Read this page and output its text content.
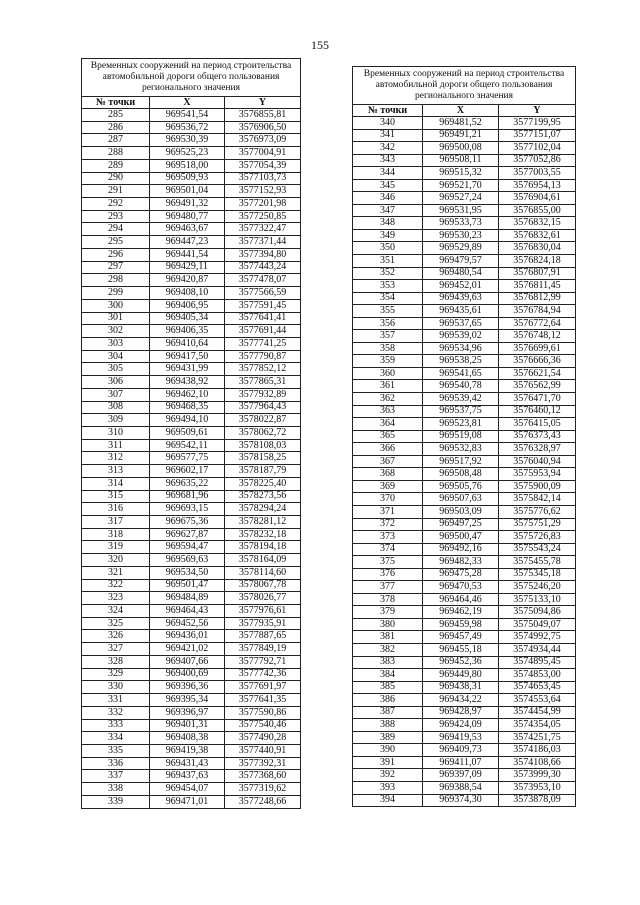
155
Временных сооружений на период строительства автомобильной дороги общего пользования регионального значения		
№ точки	X	Y
285	969541,54	3576855,81
286	969536,72	3576906,50
287	969530,39	3576973,09
288	969525,23	3577004,91
289	969518,00	3577054,39
290	969509,93	3577103,73
291	969501,04	3577152,93
292	969491,32	3577201,98
293	969480,77	3577250,85
294	969463,67	3577322,47
295	969447,23	3577371,44
296	969441,54	3577394,80
297	969429,11	3577443,24
298	969420,87	3577478,07
299	969408,10	3577566,59
300	969406,95	3577591,45
301	969405,34	3577641,41
302	969406,35	3577691,44
303	969410,64	3577741,25
304	969417,50	3577790,87
305	969431,99	3577852,12
306	969438,92	3577865,31
307	969462,10	3577932,89
308	969468,35	3577964,43
309	969494,10	3578022,87
310	969509,61	3578062,72
311	969542,11	3578108,03
312	969577,75	3578158,25
313	969602,17	3578187,79
314	969635,22	3578225,40
315	969681,96	3578273,56
316	969693,15	3578294,24
317	969675,36	3578281,12
318	969627,87	3578232,18
319	969594,47	3578194,18
320	969569,63	3578164,09
321	969534,50	3578114,60
322	969501,47	3578067,78
323	969484,89	3578026,77
324	969464,43	3577976,61
325	969452,56	3577935,91
326	969436,01	3577887,65
327	969421,02	3577849,19
328	969407,66	3577792,71
329	969400,69	3577742,36
330	969396,36	3577691,97
331	969395,34	3577641,35
332	969396,97	3577590,86
333	969401,31	3577540,46
334	969408,38	3577490,28
335	969419,38	3577440,91
336	969431,43	3577392,31
337	969437,63	3577368,60
338	969454,07	3577319,62
339	969471,01	3577248,66
Временных сооружений на период строительства автомобильной дороги общего пользования регионального значения		
№ точки	X	Y
340	969481,52	3577199,95
341	969491,21	3577151,07
342	969500,08	3577102,04
343	969508,11	3577052,86
344	969515,32	3577003,55
345	969521,70	3576954,13
346	969527,24	3576904,61
347	969531,95	3576855,00
348	969533,73	3576832,15
349	969530,23	3576832,61
350	969529,89	3576830,04
351	969479,57	3576824,18
352	969480,54	3576807,91
353	969452,01	3576811,45
354	969439,63	3576812,99
355	969435,61	3576784,94
356	969537,65	3576772,64
357	969539,02	3576748,12
358	969534,96	3576699,61
359	969538,25	3576666,36
360	969541,65	3576621,54
361	969540,78	3576562,99
362	969539,42	3576471,70
363	969537,75	3576460,12
364	969523,81	3576415,05
365	969519,08	3576373,43
366	969532,83	3576328,97
367	969517,92	3576040,94
368	969508,48	3575953,94
369	969505,76	3575900,09
370	969507,63	3575842,14
371	969503,09	3575776,62
372	969497,25	3575751,29
373	969500,47	3575726,83
374	969492,16	3575543,24
375	969482,33	3575455,78
376	969475,28	3575345,18
377	969470,53	3575246,20
378	969464,46	3575133,10
379	969462,19	3575094,86
380	969459,98	3575049,07
381	969457,49	3574992,75
382	969455,18	3574934,44
383	969452,36	3574895,45
384	969449,80	3574853,00
385	969438,31	3574653,45
386	969434,22	3574553,64
387	969428,97	3574454,99
388	969424,09	3574354,05
389	969419,53	3574251,75
390	969409,73	3574186,03
391	969411,07	3574108,66
392	969397,09	3573999,30
393	969388,54	3573953,10
394	969374,30	3573878,09
